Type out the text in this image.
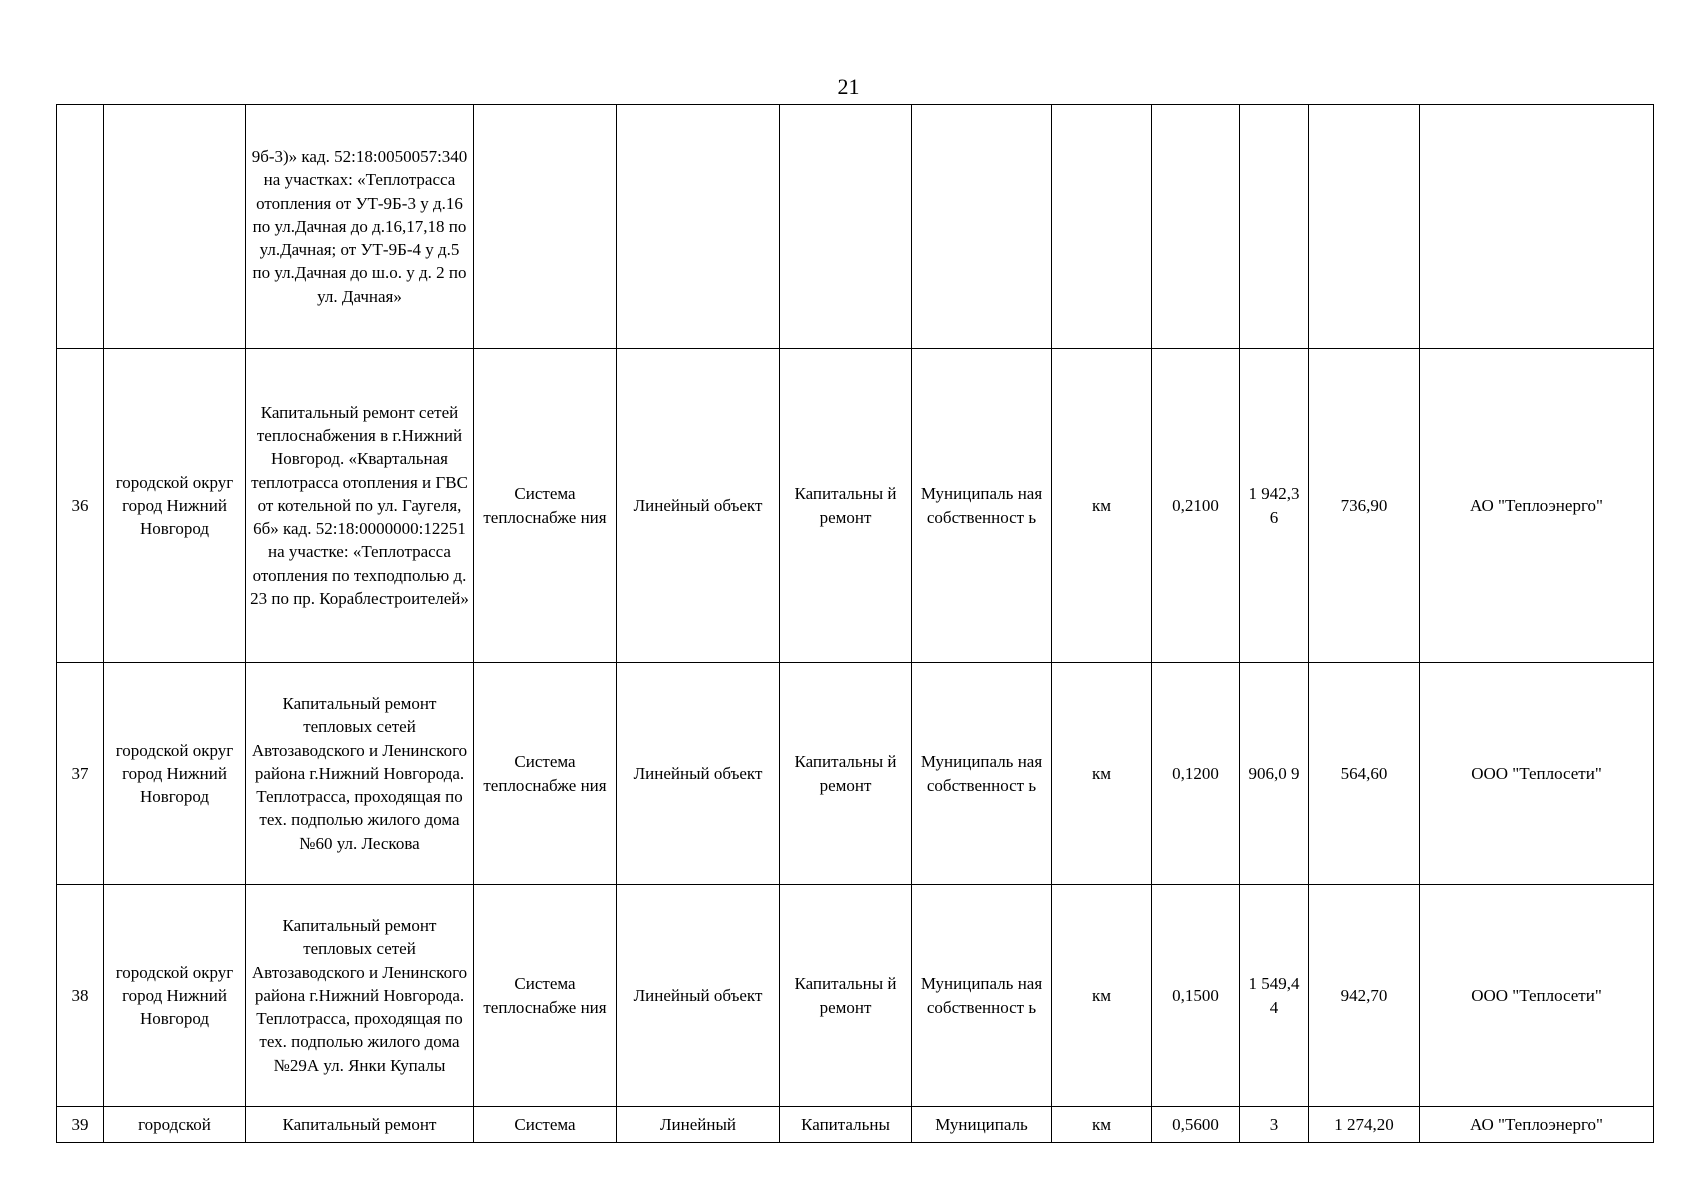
21
		9б-3)» кад. 52:18:0050057:340 на участках: «Теплотрасса отопления от УТ-9Б-3 у д.16 по ул.Дачная до д.16,17,18 по ул.Дачная; от УТ-9Б-4 у д.5 по ул.Дачная до ш.о. у д. 2 по ул. Дачная»									
36	городской округ город Нижний Новгород	Капитальный ремонт сетей теплоснабжения в г.Нижний Новгород. «Квартальная теплотрасса отопления и ГВС от котельной по ул. Гаугеля, 6б» кад. 52:18:0000000:12251 на участке: «Теплотрасса отопления по техподполью д. 23 по пр. Кораблестроителей»	Система теплоснабже ния	Линейный объект	Капитальны й ремонт	Муниципаль ная собственност ь	км	0,2100	1 942,3 6	736,90	АО "Теплоэнерго"
37	городской округ город Нижний Новгород	Капитальный ремонт тепловых сетей Автозаводского и Ленинского района г.Нижний Новгорода. Теплотрасса, проходящая по тех. подполью жилого дома №60 ул. Лескова	Система теплоснабже ния	Линейный объект	Капитальны й ремонт	Муниципаль ная собственност ь	км	0,1200	906,0 9	564,60	ООО "Теплосети"
38	городской округ город Нижний Новгород	Капитальный ремонт тепловых сетей Автозаводского и Ленинского района г.Нижний Новгорода. Теплотрасса, проходящая по тех. подполью жилого дома №29А ул. Янки Купалы	Система теплоснабже ния	Линейный объект	Капитальны й ремонт	Муниципаль ная собственност ь	км	0,1500	1 549,4 4	942,70	ООО "Теплосети"
39	городской	Капитальный ремонт	Система	Линейный	Капитальны	Муниципаль	км	0,5600	3	1 274,20	АО "Теплоэнерго"
